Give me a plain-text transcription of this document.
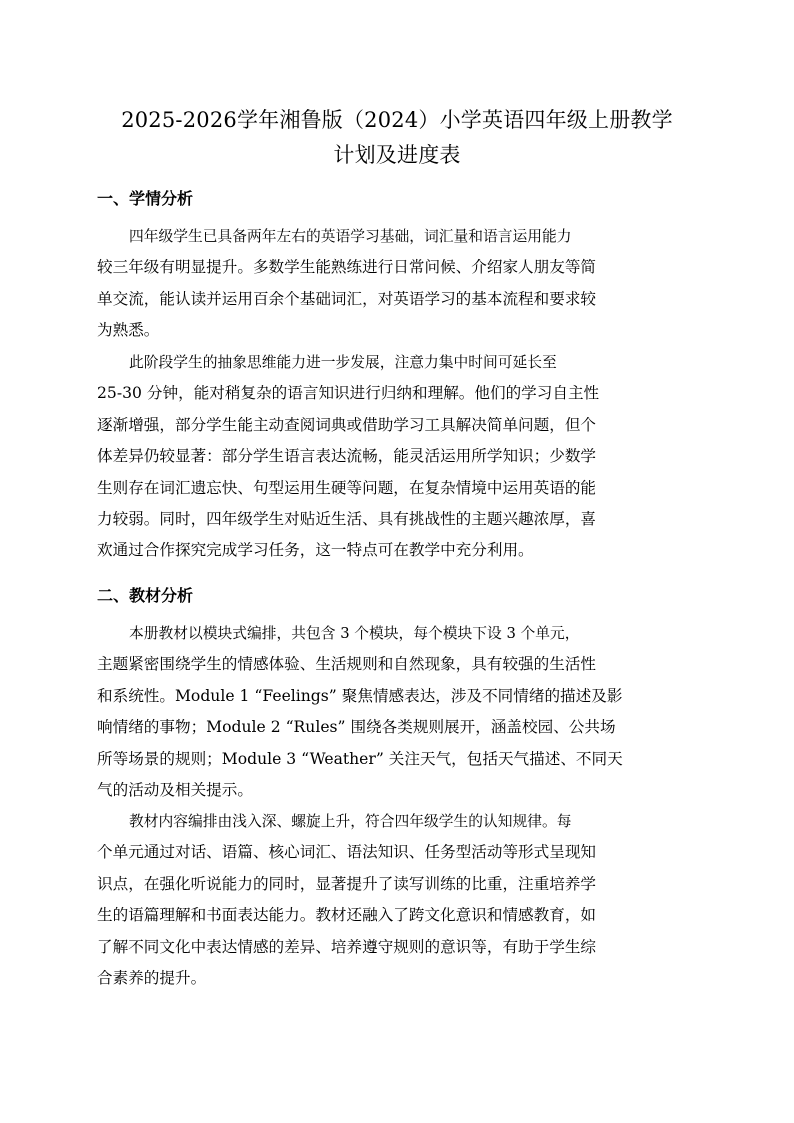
2025-2026学年湘鲁版（2024）小学英语四年级上册教学
计划及进度表
一、学情分析
四年级学生已具备两年左右的英语学习基础，词汇量和语言运用能力
较三年级有明显提升。多数学生能熟练进行日常问候、介绍家人朋友等简
单交流，能认读并运用百余个基础词汇，对英语学习的基本流程和要求较
为熟悉。
此阶段学生的抽象思维能力进一步发展，注意力集中时间可延长至
25-30 分钟，能对稍复杂的语言知识进行归纳和理解。他们的学习自主性
逐渐增强，部分学生能主动查阅词典或借助学习工具解决简单问题，但个
体差异仍较显著：部分学生语言表达流畅，能灵活运用所学知识；少数学
生则存在词汇遗忘快、句型运用生硬等问题，在复杂情境中运用英语的能
力较弱。同时，四年级学生对贴近生活、具有挑战性的主题兴趣浓厚，喜
欢通过合作探究完成学习任务，这一特点可在教学中充分利用。
二、教材分析
本册教材以模块式编排，共包含 3 个模块，每个模块下设 3 个单元，
主题紧密围绕学生的情感体验、生活规则和自然现象，具有较强的生活性
和系统性。Module 1 “Feelings” 聚焦情感表达，涉及不同情绪的描述及影
响情绪的事物；Module 2 “Rules” 围绕各类规则展开，涵盖校园、公共场
所等场景的规则；Module 3 “Weather” 关注天气，包括天气描述、不同天
气的活动及相关提示。
教材内容编排由浅入深、螺旋上升，符合四年级学生的认知规律。每
个单元通过对话、语篇、核心词汇、语法知识、任务型活动等形式呈现知
识点，在强化听说能力的同时，显著提升了读写训练的比重，注重培养学
生的语篇理解和书面表达能力。教材还融入了跨文化意识和情感教育，如
了解不同文化中表达情感的差异、培养遵守规则的意识等，有助于学生综
合素养的提升。
